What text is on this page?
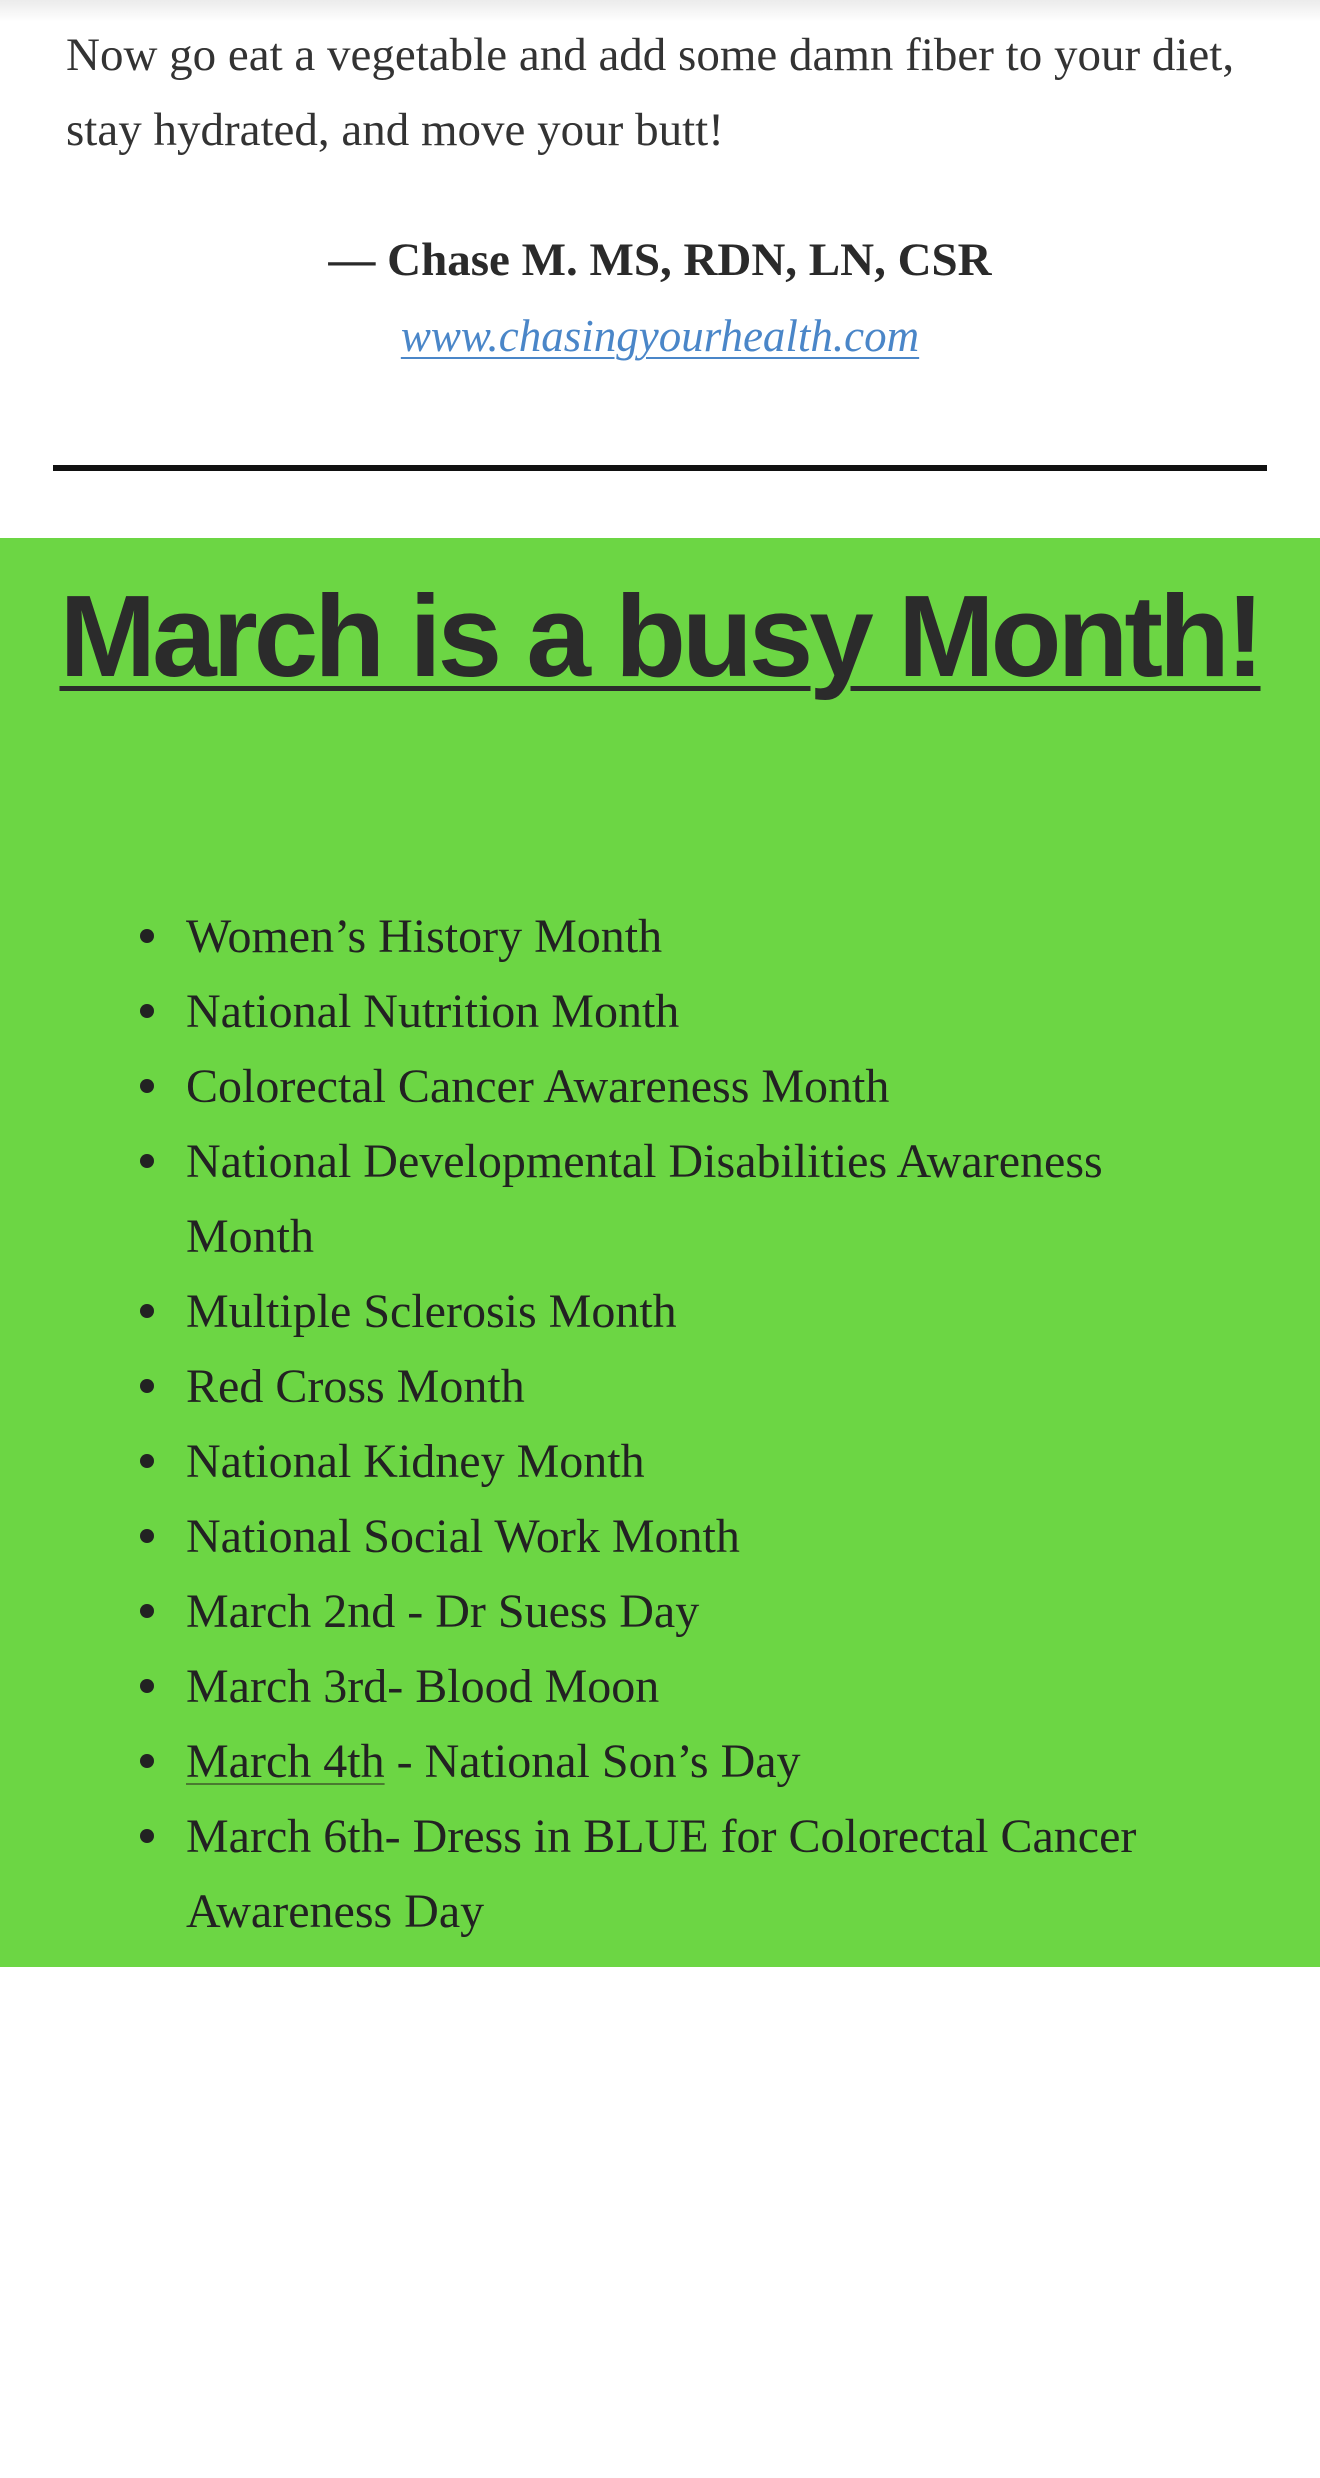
Now go eat a vegetable and add some damn fiber to your diet, stay hydrated, and move your butt!

— Chase M. MS, RDN, LN, CSR
www.chasingyourhealth.com
March is a busy Month!
Women’s History Month
National Nutrition Month
Colorectal Cancer Awareness Month
National Developmental Disabilities Awareness Month
Multiple Sclerosis Month
Red Cross Month
National Kidney Month
National Social Work Month
March 2nd - Dr Suess Day
March 3rd- Blood Moon
March 4th - National Son’s Day
March 6th- Dress in BLUE for Colorectal Cancer Awareness Day
